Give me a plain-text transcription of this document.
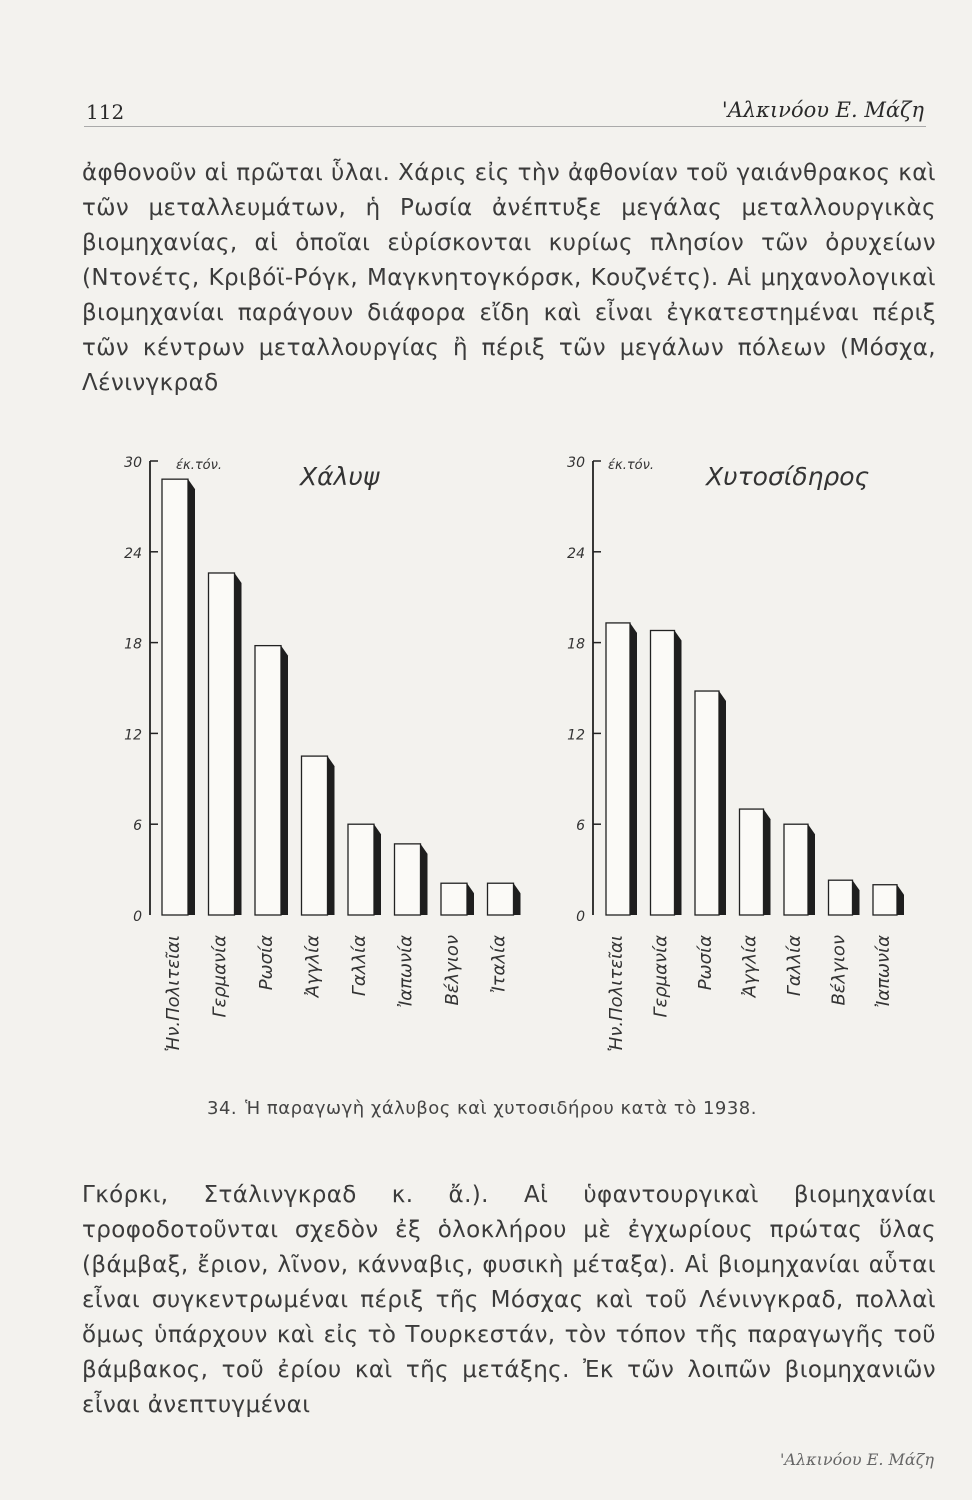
112	'Αλκινόου Ε. Μάζη

ἀφθονοῦν αἱ πρῶται ὗλαι. Χάρις εἰς τὴν ἀφθονίαν τοῦ γαιάνθρακος καὶ τῶν μεταλλευμάτων, ἡ Ρωσία ἀνέπτυξε μεγάλας μεταλλουργικὰς βιομηχανίας, αἱ ὁποῖαι εὑρίσκονται κυρίως πλησίον τῶν ὀρυχείων (Ντονέτς, Κριβόϊ-Ρόγκ, Μαγκνητογκόρσκ, Κουζνέτς). Αἱ μηχανολογικαὶ βιομηχανίαι παράγουν διάφορα εἴδη καὶ εἶναι ἐγκατεστημέναι πέριξ τῶν κέντρων μεταλλουργίας ἢ πέριξ τῶν μεγάλων πόλεων (Μόσχα, Λένινγκραδ

0
6
12
18
24
30	έκ.τόν.	Χάλυψ
Ἡν.Πολιτεῖαι Γερμανία Ρωσία Ἀγγλία Γαλλία Ἰαπωνία Βέλγιον Ἰταλία
0
6
12
18
24
30 έκ.τόν. Χυτοσίδηρος
Ἡν.Πολιτεῖαι Γερμανία Ρωσία Ἀγγλία Γαλλία Βέλγιον Ἰαπωνία
34. Ἡ παραγωγὴ χάλυβος καὶ χυτοσιδήρου κατὰ τὸ 1938.

Γκόρκι, Στάλινγκραδ κ. ἄ.). Αἱ ὑφαντουργικαὶ βιομηχανίαι τροφοδοτοῦνται σχεδὸν ἐξ ὁλοκλήρου μὲ ἐγχωρίους πρώτας ὕλας (βάμβαξ, ἔριον, λῖνον, κάνναβις, φυσικὴ μέταξα). Αἱ βιομηχανίαι αὗται εἶναι συγκεντρωμέναι πέριξ τῆς Μόσχας καὶ τοῦ Λένινγκραδ, πολλαὶ ὅμως ὑπάρχουν καὶ εἰς τὸ Τουρκεστάν, τὸν τόπον τῆς παραγωγῆς τοῦ βάμβακος, τοῦ ἐρίου καὶ τῆς μετάξης. Ἐκ τῶν λοιπῶν βιομηχανιῶν εἶναι ἀνεπτυγμέναι

'Αλκινόου Ε. Μάζη
